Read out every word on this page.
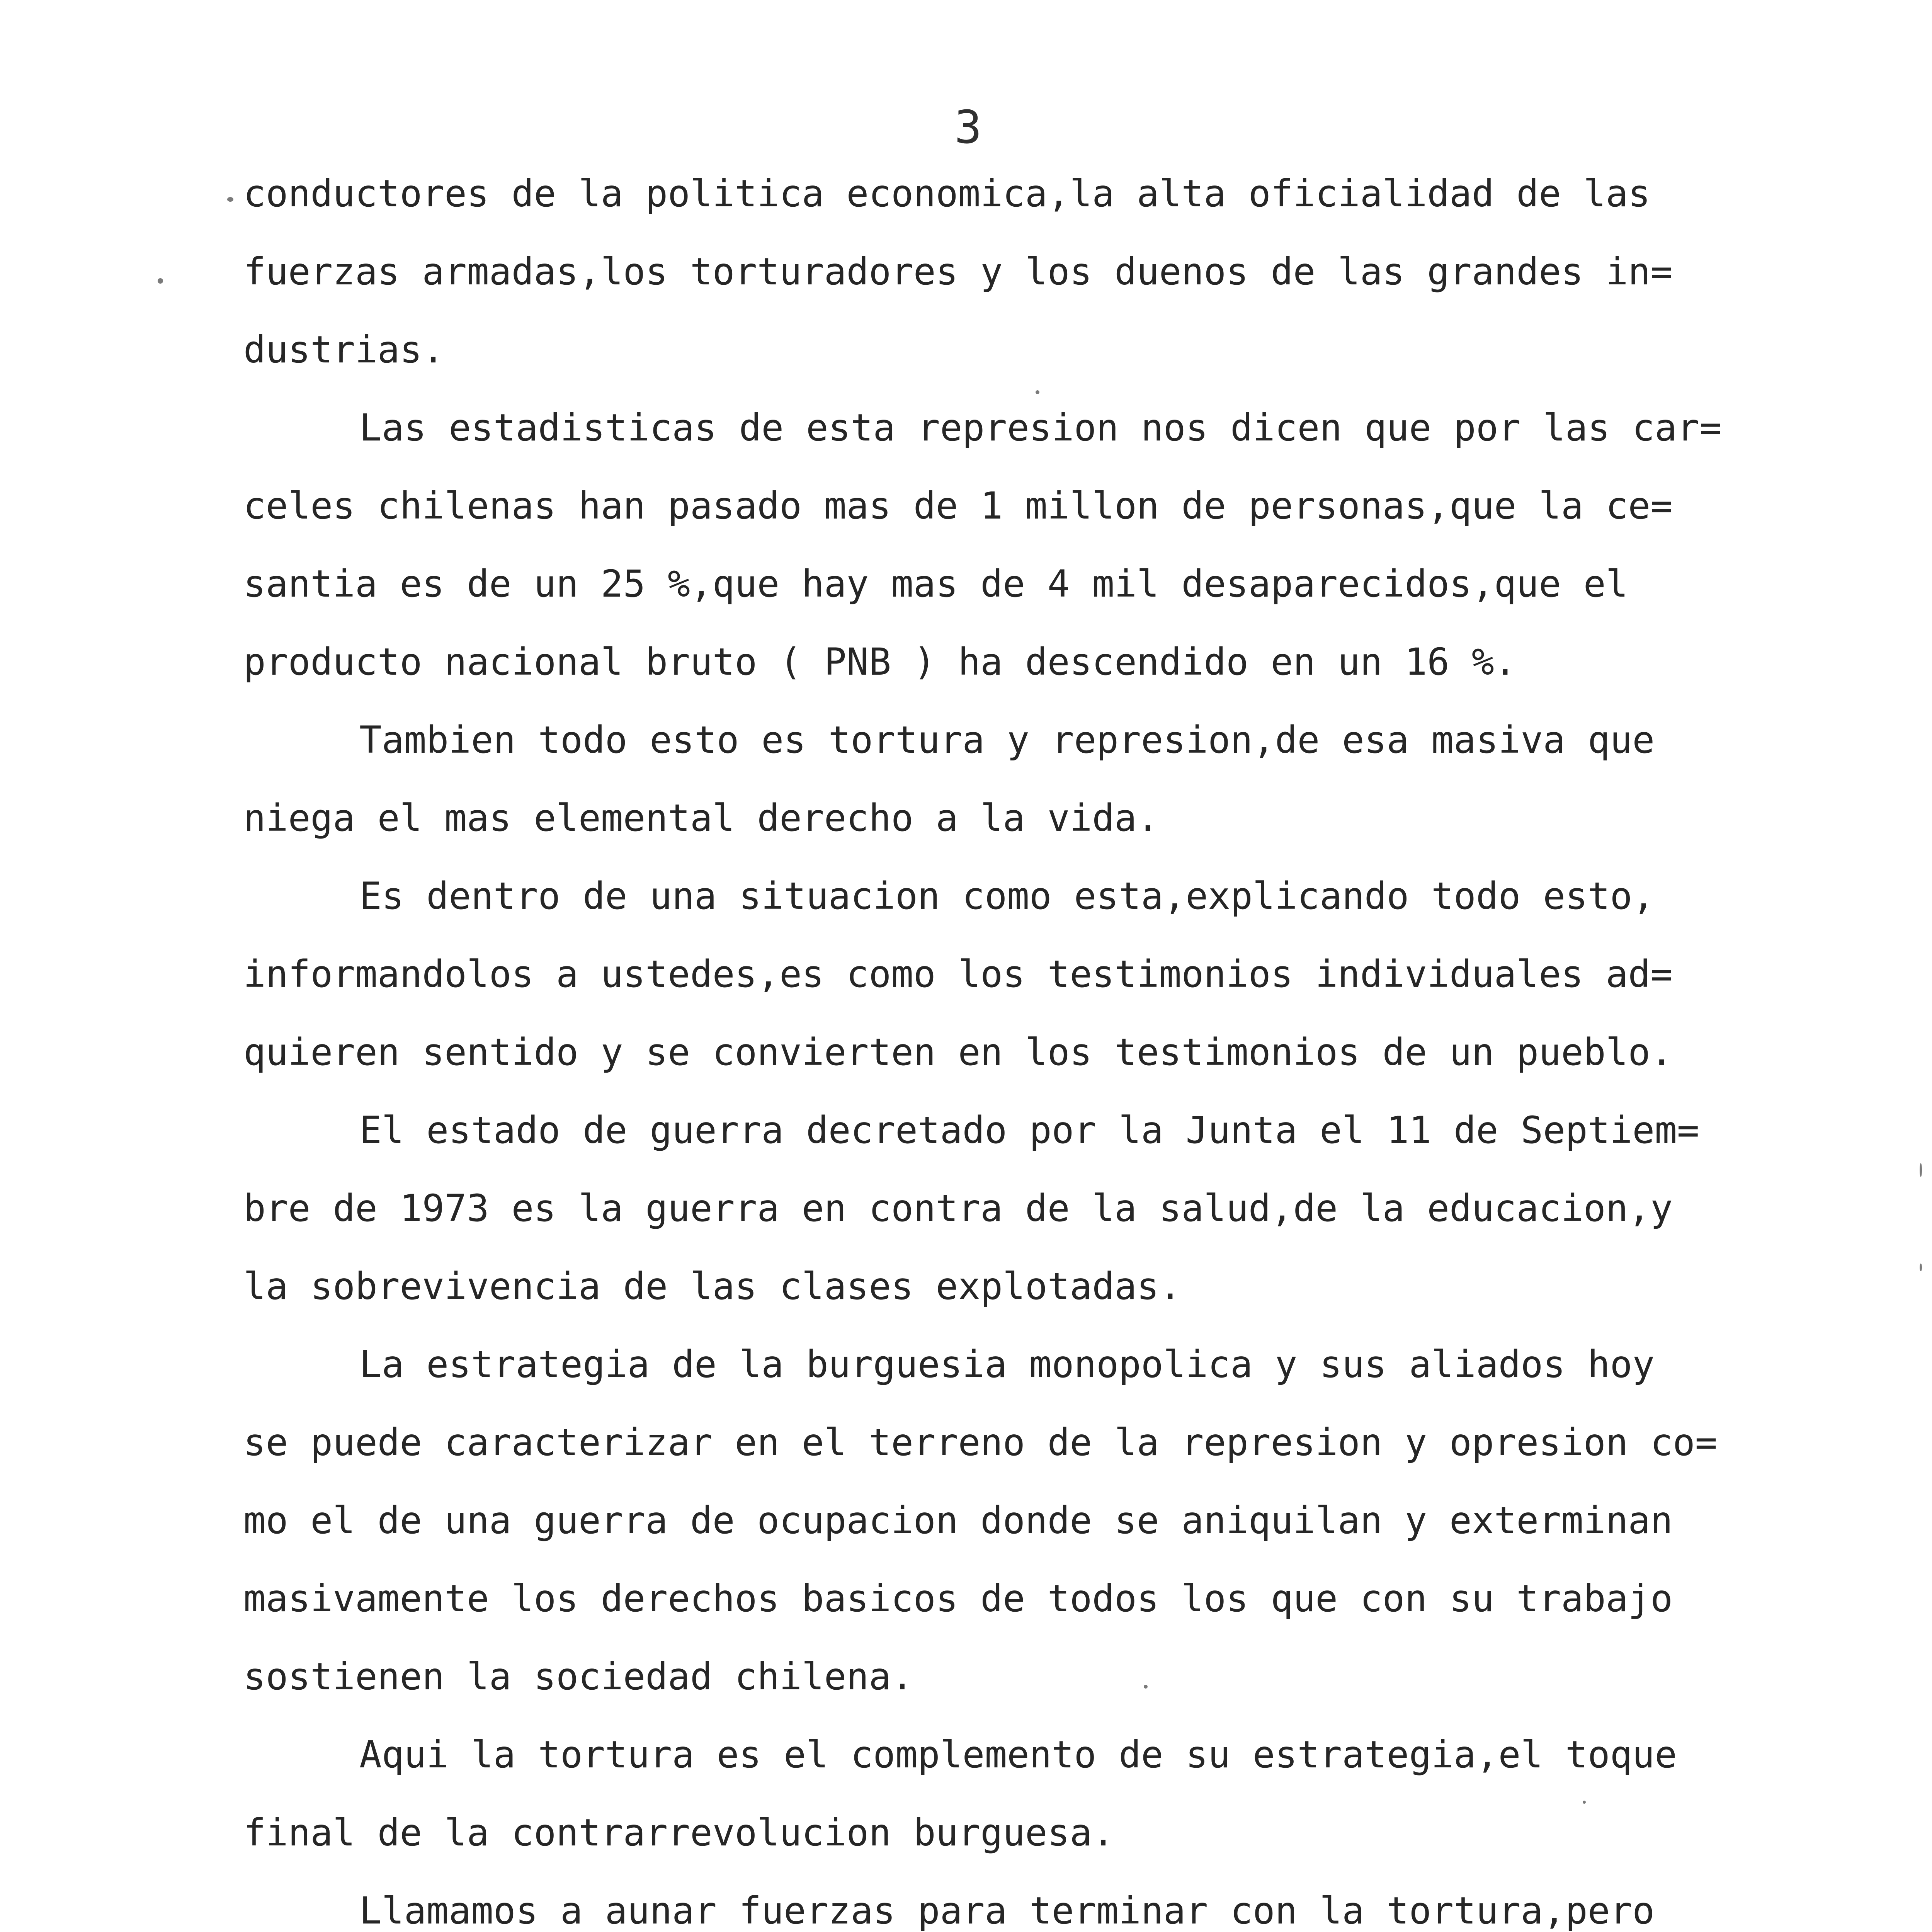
3
conductores de la politica economica,la alta oficialidad de las
fuerzas armadas,los torturadores y los duenos de las grandes in=
dustrias.
Las estadisticas de esta represion nos dicen que por las car=
celes chilenas han pasado mas de 1 millon de personas,que la ce=
santia es de un 25 %,que hay mas de 4 mil desaparecidos,que el
producto nacional bruto ( PNB ) ha descendido en un 16 %.
Tambien todo esto es tortura y represion,de esa masiva que
niega el mas elemental derecho a la vida.
Es dentro de una situacion como esta,explicando todo esto,
informandolos a ustedes,es como los testimonios individuales ad=
quieren sentido y se convierten en los testimonios de un pueblo.
El estado de guerra decretado por la Junta el 11 de Septiem=
bre de 1973 es la guerra en contra de la salud,de la educacion,y
la sobrevivencia de las clases explotadas.
La estrategia de la burguesia monopolica y sus aliados hoy
se puede caracterizar en el terreno de la represion y opresion co=
mo el de una guerra de ocupacion donde se aniquilan y exterminan
masivamente los derechos basicos de todos los que con su trabajo
sostienen la sociedad chilena.
Aqui la tortura es el complemento de su estrategia,el toque
final de la contrarrevolucion burguesa.
Llamamos a aunar fuerzas para terminar con la tortura,pero
